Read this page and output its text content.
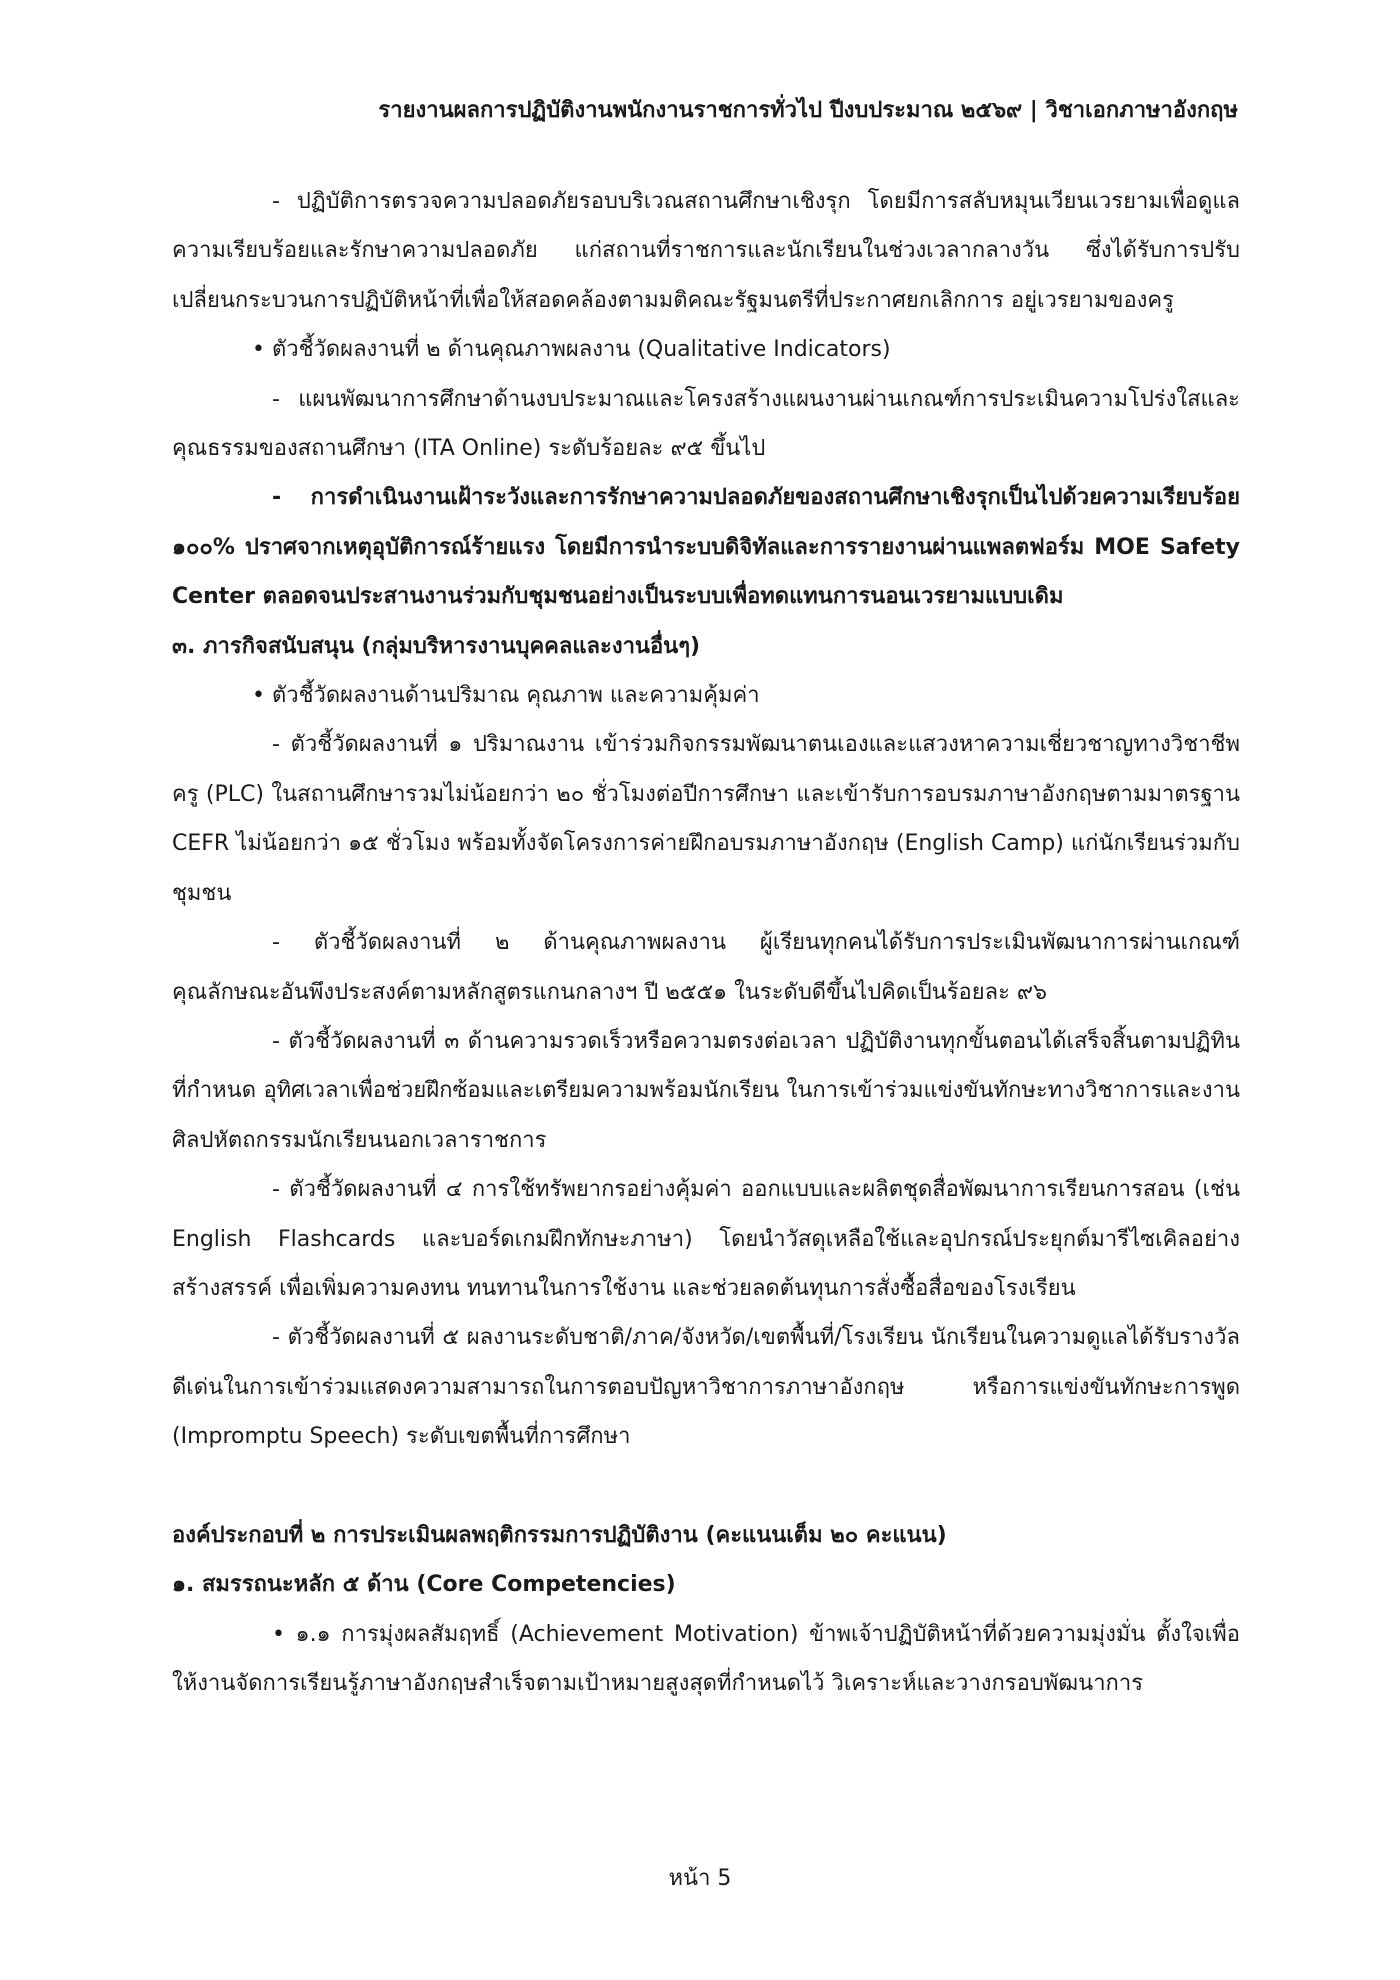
รายงานผลการปฏิบัติงานพนักงานราชการทั่วไป ปีงบประมาณ ๒๕๖๙ | วิชาเอกภาษาอังกฤษ

- ปฏิบัติการตรวจความปลอดภัยรอบบริเวณสถานศึกษาเชิงรุก โดยมีการสลับหมุนเวียนเวรยามเพื่อดูแลความเรียบร้อยและรักษาความปลอดภัย แก่สถานที่ราชการและนักเรียนในช่วงเวลากลางวัน ซึ่งได้รับการปรับเปลี่ยนกระบวนการปฏิบัติหน้าที่เพื่อให้สอดคล้องตามมติคณะรัฐมนตรีที่ประกาศยกเลิกการ อยู่เวรยามของครู

• ตัวชี้วัดผลงานที่ ๒ ด้านคุณภาพผลงาน (Qualitative Indicators)

- แผนพัฒนาการศึกษาด้านงบประมาณและโครงสร้างแผนงานผ่านเกณฑ์การประเมินความโปร่งใสและคุณธรรมของสถานศึกษา (ITA Online) ระดับร้อยละ ๙๕ ขึ้นไป

- การดำเนินงานเฝ้าระวังและการรักษาความปลอดภัยของสถานศึกษาเชิงรุกเป็นไปด้วยความเรียบร้อย ๑๐๐% ปราศจากเหตุอุบัติการณ์ร้ายแรง โดยมีการนำระบบดิจิทัลและการรายงานผ่านแพลตฟอร์ม MOE Safety Center ตลอดจนประสานงานร่วมกับชุมชนอย่างเป็นระบบเพื่อทดแทนการนอนเวรยามแบบเดิม

๓. ภารกิจสนับสนุน (กลุ่มบริหารงานบุคคลและงานอื่นๆ)

• ตัวชี้วัดผลงานด้านปริมาณ คุณภาพ และความคุ้มค่า

- ตัวชี้วัดผลงานที่ ๑ ปริมาณงาน เข้าร่วมกิจกรรมพัฒนาตนเองและแสวงหาความเชี่ยวชาญทางวิชาชีพครู (PLC) ในสถานศึกษารวมไม่น้อยกว่า ๒๐ ชั่วโมงต่อปีการศึกษา และเข้ารับการอบรมภาษาอังกฤษตามมาตรฐาน CEFR ไม่น้อยกว่า ๑๕ ชั่วโมง พร้อมทั้งจัดโครงการค่ายฝึกอบรมภาษาอังกฤษ (English Camp) แก่นักเรียนร่วมกับชุมชน

- ตัวชี้วัดผลงานที่ ๒ ด้านคุณภาพผลงาน ผู้เรียนทุกคนได้รับการประเมินพัฒนาการผ่านเกณฑ์คุณลักษณะอันพึงประสงค์ตามหลักสูตรแกนกลางฯ ปี ๒๕๕๑ ในระดับดีขึ้นไปคิดเป็นร้อยละ ๙๖

- ตัวชี้วัดผลงานที่ ๓ ด้านความรวดเร็วหรือความตรงต่อเวลา ปฏิบัติงานทุกขั้นตอนได้เสร็จสิ้นตามปฏิทินที่กำหนด อุทิศเวลาเพื่อช่วยฝึกซ้อมและเตรียมความพร้อมนักเรียน ในการเข้าร่วมแข่งขันทักษะทางวิชาการและงานศิลปหัตถกรรมนักเรียนนอกเวลาราชการ

- ตัวชี้วัดผลงานที่ ๔ การใช้ทรัพยากรอย่างคุ้มค่า ออกแบบและผลิตชุดสื่อพัฒนาการเรียนการสอน (เช่น English Flashcards และบอร์ดเกมฝึกทักษะภาษา) โดยนำวัสดุเหลือใช้และอุปกรณ์ประยุกต์มารีไซเคิลอย่างสร้างสรรค์ เพื่อเพิ่มความคงทน ทนทานในการใช้งาน และช่วยลดต้นทุนการสั่งซื้อสื่อของโรงเรียน

- ตัวชี้วัดผลงานที่ ๕ ผลงานระดับชาติ/ภาค/จังหวัด/เขตพื้นที่/โรงเรียน นักเรียนในความดูแลได้รับรางวัลดีเด่นในการเข้าร่วมแสดงความสามารถในการตอบปัญหาวิชาการภาษาอังกฤษ หรือการแข่งขันทักษะการพูด (Impromptu Speech) ระดับเขตพื้นที่การศึกษา

องค์ประกอบที่ ๒ การประเมินผลพฤติกรรมการปฏิบัติงาน (คะแนนเต็ม ๒๐ คะแนน)

๑. สมรรถนะหลัก ๕ ด้าน (Core Competencies)

• ๑.๑ การมุ่งผลสัมฤทธิ์ (Achievement Motivation) ข้าพเจ้าปฏิบัติหน้าที่ด้วยความมุ่งมั่น ตั้งใจเพื่อให้งานจัดการเรียนรู้ภาษาอังกฤษสำเร็จตามเป้าหมายสูงสุดที่กำหนดไว้ วิเคราะห์และวางกรอบพัฒนาการ

หน้า 5
